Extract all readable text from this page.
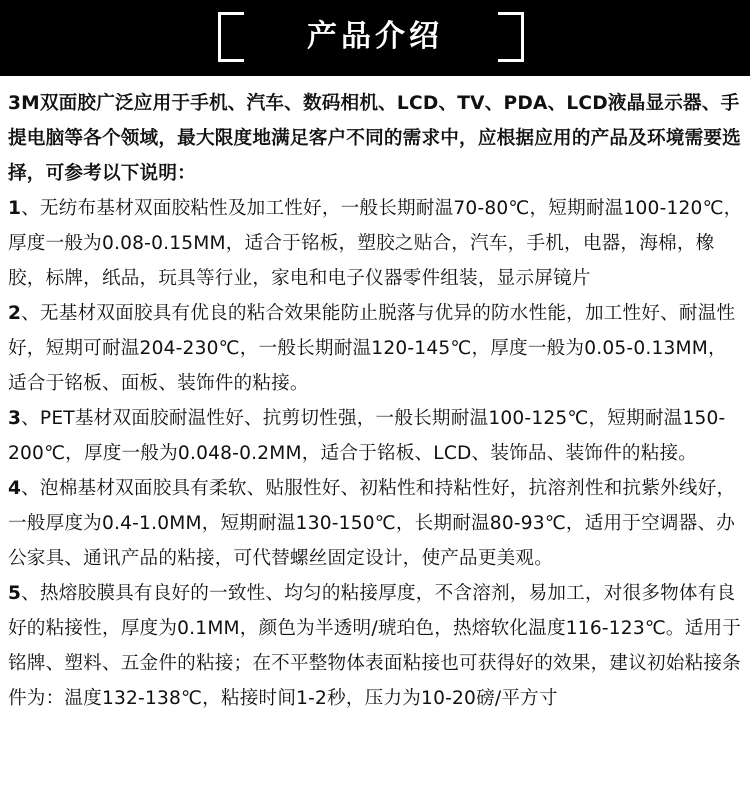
产品介绍

3M双面胶广泛应用于手机、汽车、数码相机、LCD、TV、PDA、LCD液晶显示器、手提电脑等各个领域，最大限度地满足客户不同的需求中，应根据应用的产品及环境需要选择，可参考以下说明：

1、无纺布基材双面胶粘性及加工性好，一般长期耐温70-80℃，短期耐温100-120℃，厚度一般为0.08-0.15MM，适合于铭板，塑胶之贴合，汽车，手机，电器，海棉，橡胶，标牌，纸品，玩具等行业，家电和电子仪器零件组装，显示屏镜片

2、无基材双面胶具有优良的粘合效果能防止脱落与优异的防水性能，加工性好、耐温性好，短期可耐温204-230℃，一般长期耐温120-145℃，厚度一般为0.05-0.13MM，适合于铭板、面板、装饰件的粘接。

3、PET基材双面胶耐温性好、抗剪切性强，一般长期耐温100-125℃，短期耐温150-200℃，厚度一般为0.048-0.2MM，适合于铭板、LCD、装饰品、装饰件的粘接。

4、泡棉基材双面胶具有柔软、贴服性好、初粘性和持粘性好，抗溶剂性和抗紫外线好，一般厚度为0.4-1.0MM，短期耐温130-150℃，长期耐温80-93℃，适用于空调器、办公家具、通讯产品的粘接，可代替螺丝固定设计，使产品更美观。

5、热熔胶膜具有良好的一致性、均匀的粘接厚度，不含溶剂，易加工，对很多物体有良好的粘接性，厚度为0.1MM，颜色为半透明/琥珀色，热熔软化温度116-123℃。适用于铭牌、塑料、五金件的粘接；在不平整物体表面粘接也可获得好的效果，建议初始粘接条件为：温度132-138℃，粘接时间1-2秒，压力为10-20磅/平方寸
